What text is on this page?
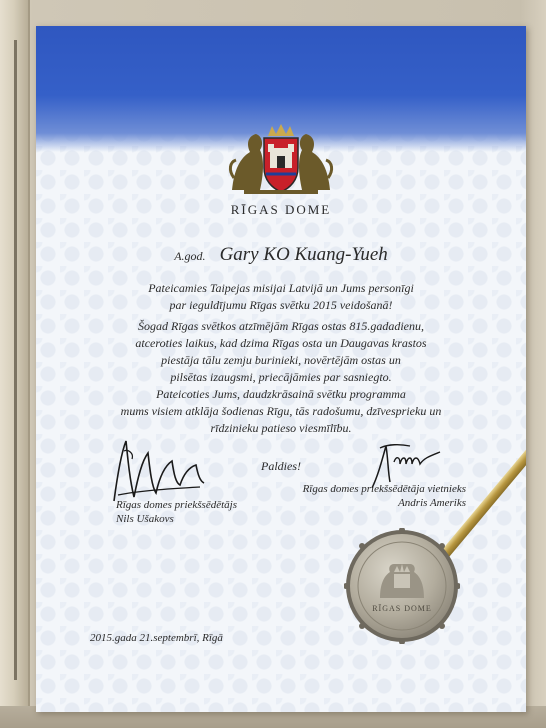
RĪGAS DOME
A.god. Gary KO Kuang-Yueh
Pateicamies Taipejas misijai Latvijā un Jums personīgi
par ieguldījumu Rīgas svētku 2015 veidošanā!
Šogad Rīgas svētkos atzīmējām Rīgas ostas 815.gadadienu,
atceroties laikus, kad dzima Rīgas osta un Daugavas krastos
piestāja tālu zemju burinieki, novērtējām ostas un
pilsētas izaugsmi, priecājāmies par sasniegto.
Pateicoties Jums, daudzkrāsainā svētku programma
mums visiem atklāja šodienas Rīgu, tās radošumu, dzīvesprieku un
rīdzinieku patieso viesmīlību.
Paldies!
Rīgas domes priekšsēdētājs
Nils Ušakovs
Rīgas domes priekšsēdētāja vietnieks
Andris Ameriks
RĪGAS DOME
2015.gada 21.septembrī, Rīgā
